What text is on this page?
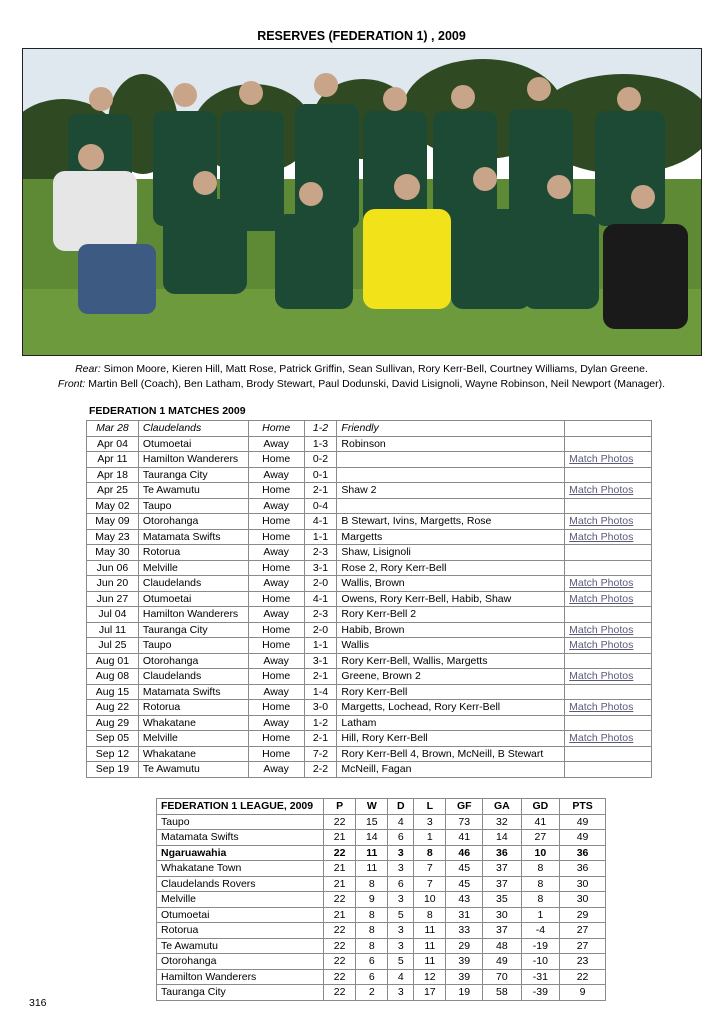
RESERVES (FEDERATION 1) , 2009
Rear: Simon Moore, Kieren Hill, Matt Rose, Patrick Griffin, Sean Sullivan, Rory Kerr-Bell, Courtney Williams, Dylan Greene.
Front: Martin Bell (Coach), Ben Latham, Brody Stewart, Paul Dodunski, David Lisignoli, Wayne Robinson, Neil Newport (Manager).
FEDERATION 1 MATCHES 2009
Mar 28	Claudelands	Home	1-2	Friendly	
Apr 04	Otumoetai	Away	1-3	Robinson	
Apr 11	Hamilton Wanderers	Home	0-2		Match Photos
Apr 18	Tauranga City	Away	0-1		
Apr 25	Te Awamutu	Home	2-1	Shaw 2	Match Photos
May 02	Taupo	Away	0-4		
May 09	Otorohanga	Home	4-1	B Stewart, Ivins, Margetts, Rose	Match Photos
May 23	Matamata Swifts	Home	1-1	Margetts	Match Photos
May 30	Rotorua	Away	2-3	Shaw, Lisignoli	
Jun 06	Melville	Home	3-1	Rose 2, Rory Kerr-Bell	
Jun 20	Claudelands	Away	2-0	Wallis, Brown	Match Photos
Jun 27	Otumoetai	Home	4-1	Owens, Rory Kerr-Bell, Habib, Shaw	Match Photos
Jul 04	Hamilton Wanderers	Away	2-3	Rory Kerr-Bell 2	
Jul 11	Tauranga City	Home	2-0	Habib, Brown	Match Photos
Jul 25	Taupo	Home	1-1	Wallis	Match Photos
Aug 01	Otorohanga	Away	3-1	Rory Kerr-Bell, Wallis, Margetts	
Aug 08	Claudelands	Home	2-1	Greene, Brown 2	Match Photos
Aug 15	Matamata Swifts	Away	1-4	Rory Kerr-Bell	
Aug 22	Rotorua	Home	3-0	Margetts, Lochead, Rory Kerr-Bell	Match Photos
Aug 29	Whakatane	Away	1-2	Latham	
Sep 05	Melville	Home	2-1	Hill, Rory Kerr-Bell	Match Photos
Sep 12	Whakatane	Home	7-2	Rory Kerr-Bell 4, Brown, McNeill, B Stewart	
Sep 19	Te Awamutu	Away	2-2	McNeill, Fagan	
FEDERATION 1 LEAGUE, 2009	P	W	D	L	GF	GA	GD	PTS
Taupo	22	15	4	3	73	32	41	49
Matamata Swifts	21	14	6	1	41	14	27	49
Ngaruawahia	22	11	3	8	46	36	10	36
Whakatane Town	21	11	3	7	45	37	8	36
Claudelands Rovers	21	8	6	7	45	37	8	30
Melville	22	9	3	10	43	35	8	30
Otumoetai	21	8	5	8	31	30	1	29
Rotorua	22	8	3	11	33	37	-4	27
Te Awamutu	22	8	3	11	29	48	-19	27
Otorohanga	22	6	5	11	39	49	-10	23
Hamilton Wanderers	22	6	4	12	39	70	-31	22
Tauranga City	22	2	3	17	19	58	-39	9
316
